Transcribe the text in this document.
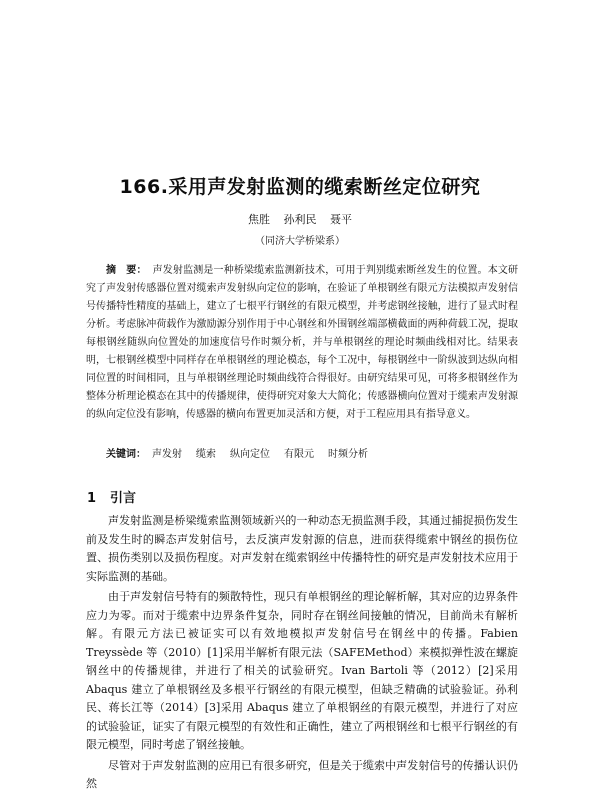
166.采用声发射监测的缆索断丝定位研究
焦胜 孙利民 聂平
（同济大学桥梁系）

摘　要： 声发射监测是一种桥梁缆索监测新技术，可用于判别缆索断丝发生的位置。本文研究了声发射传感器位置对缆索声发射纵向定位的影响，在验证了单根钢丝有限元方法模拟声发射信号传播特性精度的基础上，建立了七根平行钢丝的有限元模型，并考虑钢丝接触，进行了显式时程分析。考虑脉冲荷载作为激励源分别作用于中心钢丝和外围钢丝端部横截面的两种荷载工况，提取每根钢丝随纵向位置处的加速度信号作时频分析，并与单根钢丝的理论时频曲线相对比。结果表明，七根钢丝模型中同样存在单根钢丝的理论模态，每个工况中，每根钢丝中一阶纵波到达纵向相同位置的时间相同，且与单根钢丝理论时频曲线符合得很好。由研究结果可见，可将多根钢丝作为整体分析理论模态在其中的传播规律，使得研究对象大大简化；传感器横向位置对于缆索声发射源的纵向定位没有影响，传感器的横向布置更加灵活和方便，对于工程应用具有指导意义。

关键词： 声发射 缆索 纵向定位 有限元 时频分析

1 引言

声发射监测是桥梁缆索监测领域新兴的一种动态无损监测手段，其通过捕捉损伤发生前及发生时的瞬态声发射信号，去反演声发射源的信息，进而获得缆索中钢丝的损伤位置、损伤类别以及损伤程度。对声发射在缆索钢丝中传播特性的研究是声发射技术应用于实际监测的基础。

由于声发射信号特有的频散特性，现只有单根钢丝的理论解析解，其对应的边界条件应力为零。而对于缆索中边界条件复杂，同时存在钢丝间接触的情况，目前尚未有解析解。有限元方法已被证实可以有效地模拟声发射信号在钢丝中的传播。Fabien Treyssède 等（2010）[1]采用半解析有限元法（SAFEMethod）来模拟弹性波在螺旋钢丝中的传播规律，并进行了相关的试验研究。Ivan Bartoli 等（2012）[2]采用 Abaqus 建立了单根钢丝及多根平行钢丝的有限元模型，但缺乏精确的试验验证。孙利民、蒋长江等（2014）[3]采用 Abaqus 建立了单根钢丝的有限元模型，并进行了对应的试验验证，证实了有限元模型的有效性和正确性，建立了两根钢丝和七根平行钢丝的有限元模型，同时考虑了钢丝接触。

尽管对于声发射监测的应用已有很多研究，但是关于缆索中声发射信号的传播认识仍然
